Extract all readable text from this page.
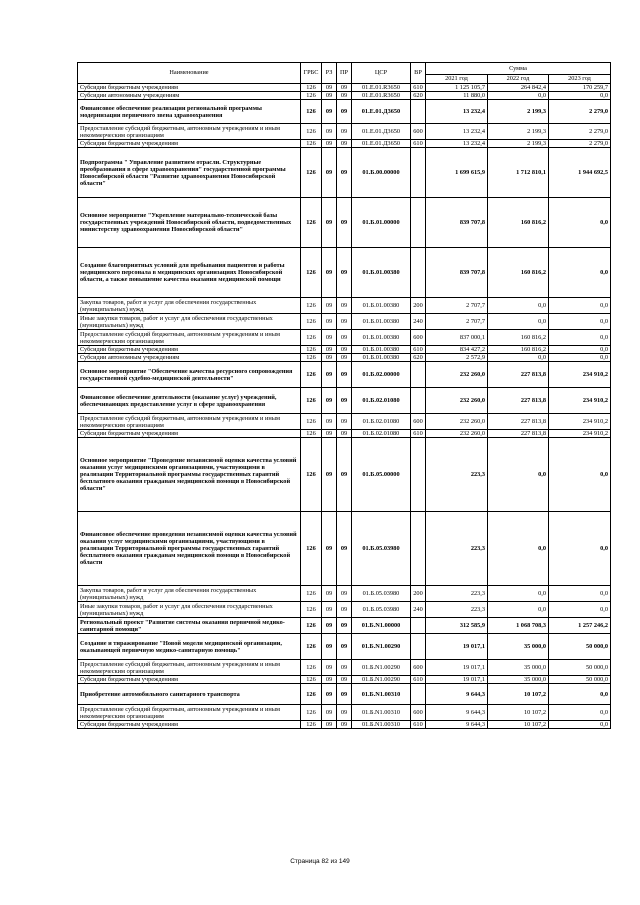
Наименование	ГРБС	РЗ	ПР	ЦСР	ВР	Сумма		
						2021 год	2022 год	2023 год
Субсидии бюджетным учреждениям	126	09	09	01.Е.01.R3650	610	1 125 105,7	264 842,4	170 259,7
Субсидии автономным учреждениям	126	09	09	01.Е.01.R3650	620	11 880,0	0,0	0,0
Финансовое обеспечение реализации региональной программы модернизации первичного звена здравоохранения	126	09	09	01.Е.01.Д3650		13 232,4	2 199,3	2 279,0
Предоставление субсидий бюджетным, автономным учреждениям и иным некоммерческим организациям	126	09	09	01.Е.01.Д3650	600	13 232,4	2 199,3	2 279,0
Субсидии бюджетным учреждениям	126	09	09	01.Е.01.Д3650	610	13 232,4	2 199,3	2 279,0
Подпрограмма " Управление развитием отрасли. Структурные преобразования в сфере здравоохранения" государственной программы Новосибирской области "Развитие здравоохранения Новосибирской области"	126	09	09	01.Б.00.00000		1 699 615,9	1 712 810,1	1 944 692,5
Основное мероприятие "Укрепление материально-технической базы государственных учреждений Новосибирской области, подведомственных министерству здравоохранения Новосибирской области"	126	09	09	01.Б.01.00000		839 707,8	160 816,2	0,0
Создание благоприятных условий для пребывания пациентов и работы медицинского персонала в медицинских организациях Новосибирской области, а также повышение качества оказания медицинской помощи	126	09	09	01.Б.01.00380		839 707,8	160 816,2	0,0
Закупка товаров, работ и услуг для обеспечения государственных (муниципальных) нужд	126	09	09	01.Б.01.00380	200	2 707,7	0,0	0,0
Иные закупки товаров, работ и услуг для обеспечения государственных (муниципальных) нужд	126	09	09	01.Б.01.00380	240	2 707,7	0,0	0,0
Предоставление субсидий бюджетным, автономным учреждениям и иным некоммерческим организациям	126	09	09	01.Б.01.00380	600	837 000,1	160 816,2	0,0
Субсидии бюджетным учреждениям	126	09	09	01.Б.01.00380	610	834 427,2	160 816,2	0,0
Субсидии автономным учреждениям	126	09	09	01.Б.01.00380	620	2 572,9	0,0	0,0
Основное мероприятие "Обеспечение качества ресурсного сопровождения государственной судебно-медицинской деятельности"	126	09	09	01.Б.02.00000		232 260,0	227 813,8	234 910,2
Финансовое обеспечение деятельности (оказание услуг) учреждений, обеспечивающих предоставление услуг в сфере здравоохранения	126	09	09	01.Б.02.01080		232 260,0	227 813,8	234 910,2
Предоставление субсидий бюджетным, автономным учреждениям и иным некоммерческим организациям	126	09	09	01.Б.02.01080	600	232 260,0	227 813,8	234 910,2
Субсидии бюджетным учреждениям	126	09	09	01.Б.02.01080	610	232 260,0	227 813,8	234 910,2
Основное мероприятие "Проведение независимой оценки качества условий оказания услуг медицинскими организациями, участвующими в реализации Территориальной программы государственных гарантий бесплатного оказания гражданам медицинской помощи в Новосибирской области"	126	09	09	01.Б.05.00000		223,3	0,0	0,0
Финансовое обеспечение проведения независимой оценки качества условий оказания услуг медицинскими организациями, участвующими в реализации Территориальной программы государственных гарантий бесплатного оказания гражданам медицинской помощи в Новосибирской области	126	09	09	01.Б.05.03980		223,3	0,0	0,0
Закупка товаров, работ и услуг для обеспечения государственных (муниципальных) нужд	126	09	09	01.Б.05.03980	200	223,3	0,0	0,0
Иные закупки товаров, работ и услуг для обеспечения государственных (муниципальных) нужд	126	09	09	01.Б.05.03980	240	223,3	0,0	0,0
Региональный проект "Развитие системы оказания первичной медико-санитарной помощи"	126	09	09	01.Б.N1.00000		312 585,9	1 068 708,3	1 257 246,2
Создание и тиражирование "Новой модели медицинской организации, оказывающей первичную медико-санитарную помощь"	126	09	09	01.Б.N1.00290		19 017,1	35 000,0	50 000,0
Предоставление субсидий бюджетным, автономным учреждениям и иным некоммерческим организациям	126	09	09	01.Б.N1.00290	600	19 017,1	35 000,0	50 000,0
Субсидии бюджетным учреждениям	126	09	09	01.Б.N1.00290	610	19 017,1	35 000,0	50 000,0
Приобретение автомобильного санитарного транспорта	126	09	09	01.Б.N1.00310		9 644,3	10 107,2	0,0
Предоставление субсидий бюджетным, автономным учреждениям и иным некоммерческим организациям	126	09	09	01.Б.N1.00310	600	9 644,3	10 107,2	0,0
Субсидии бюджетным учреждениям	126	09	09	01.Б.N1.00310	610	9 644,3	10 107,2	0,0
Страница 82 из 149
